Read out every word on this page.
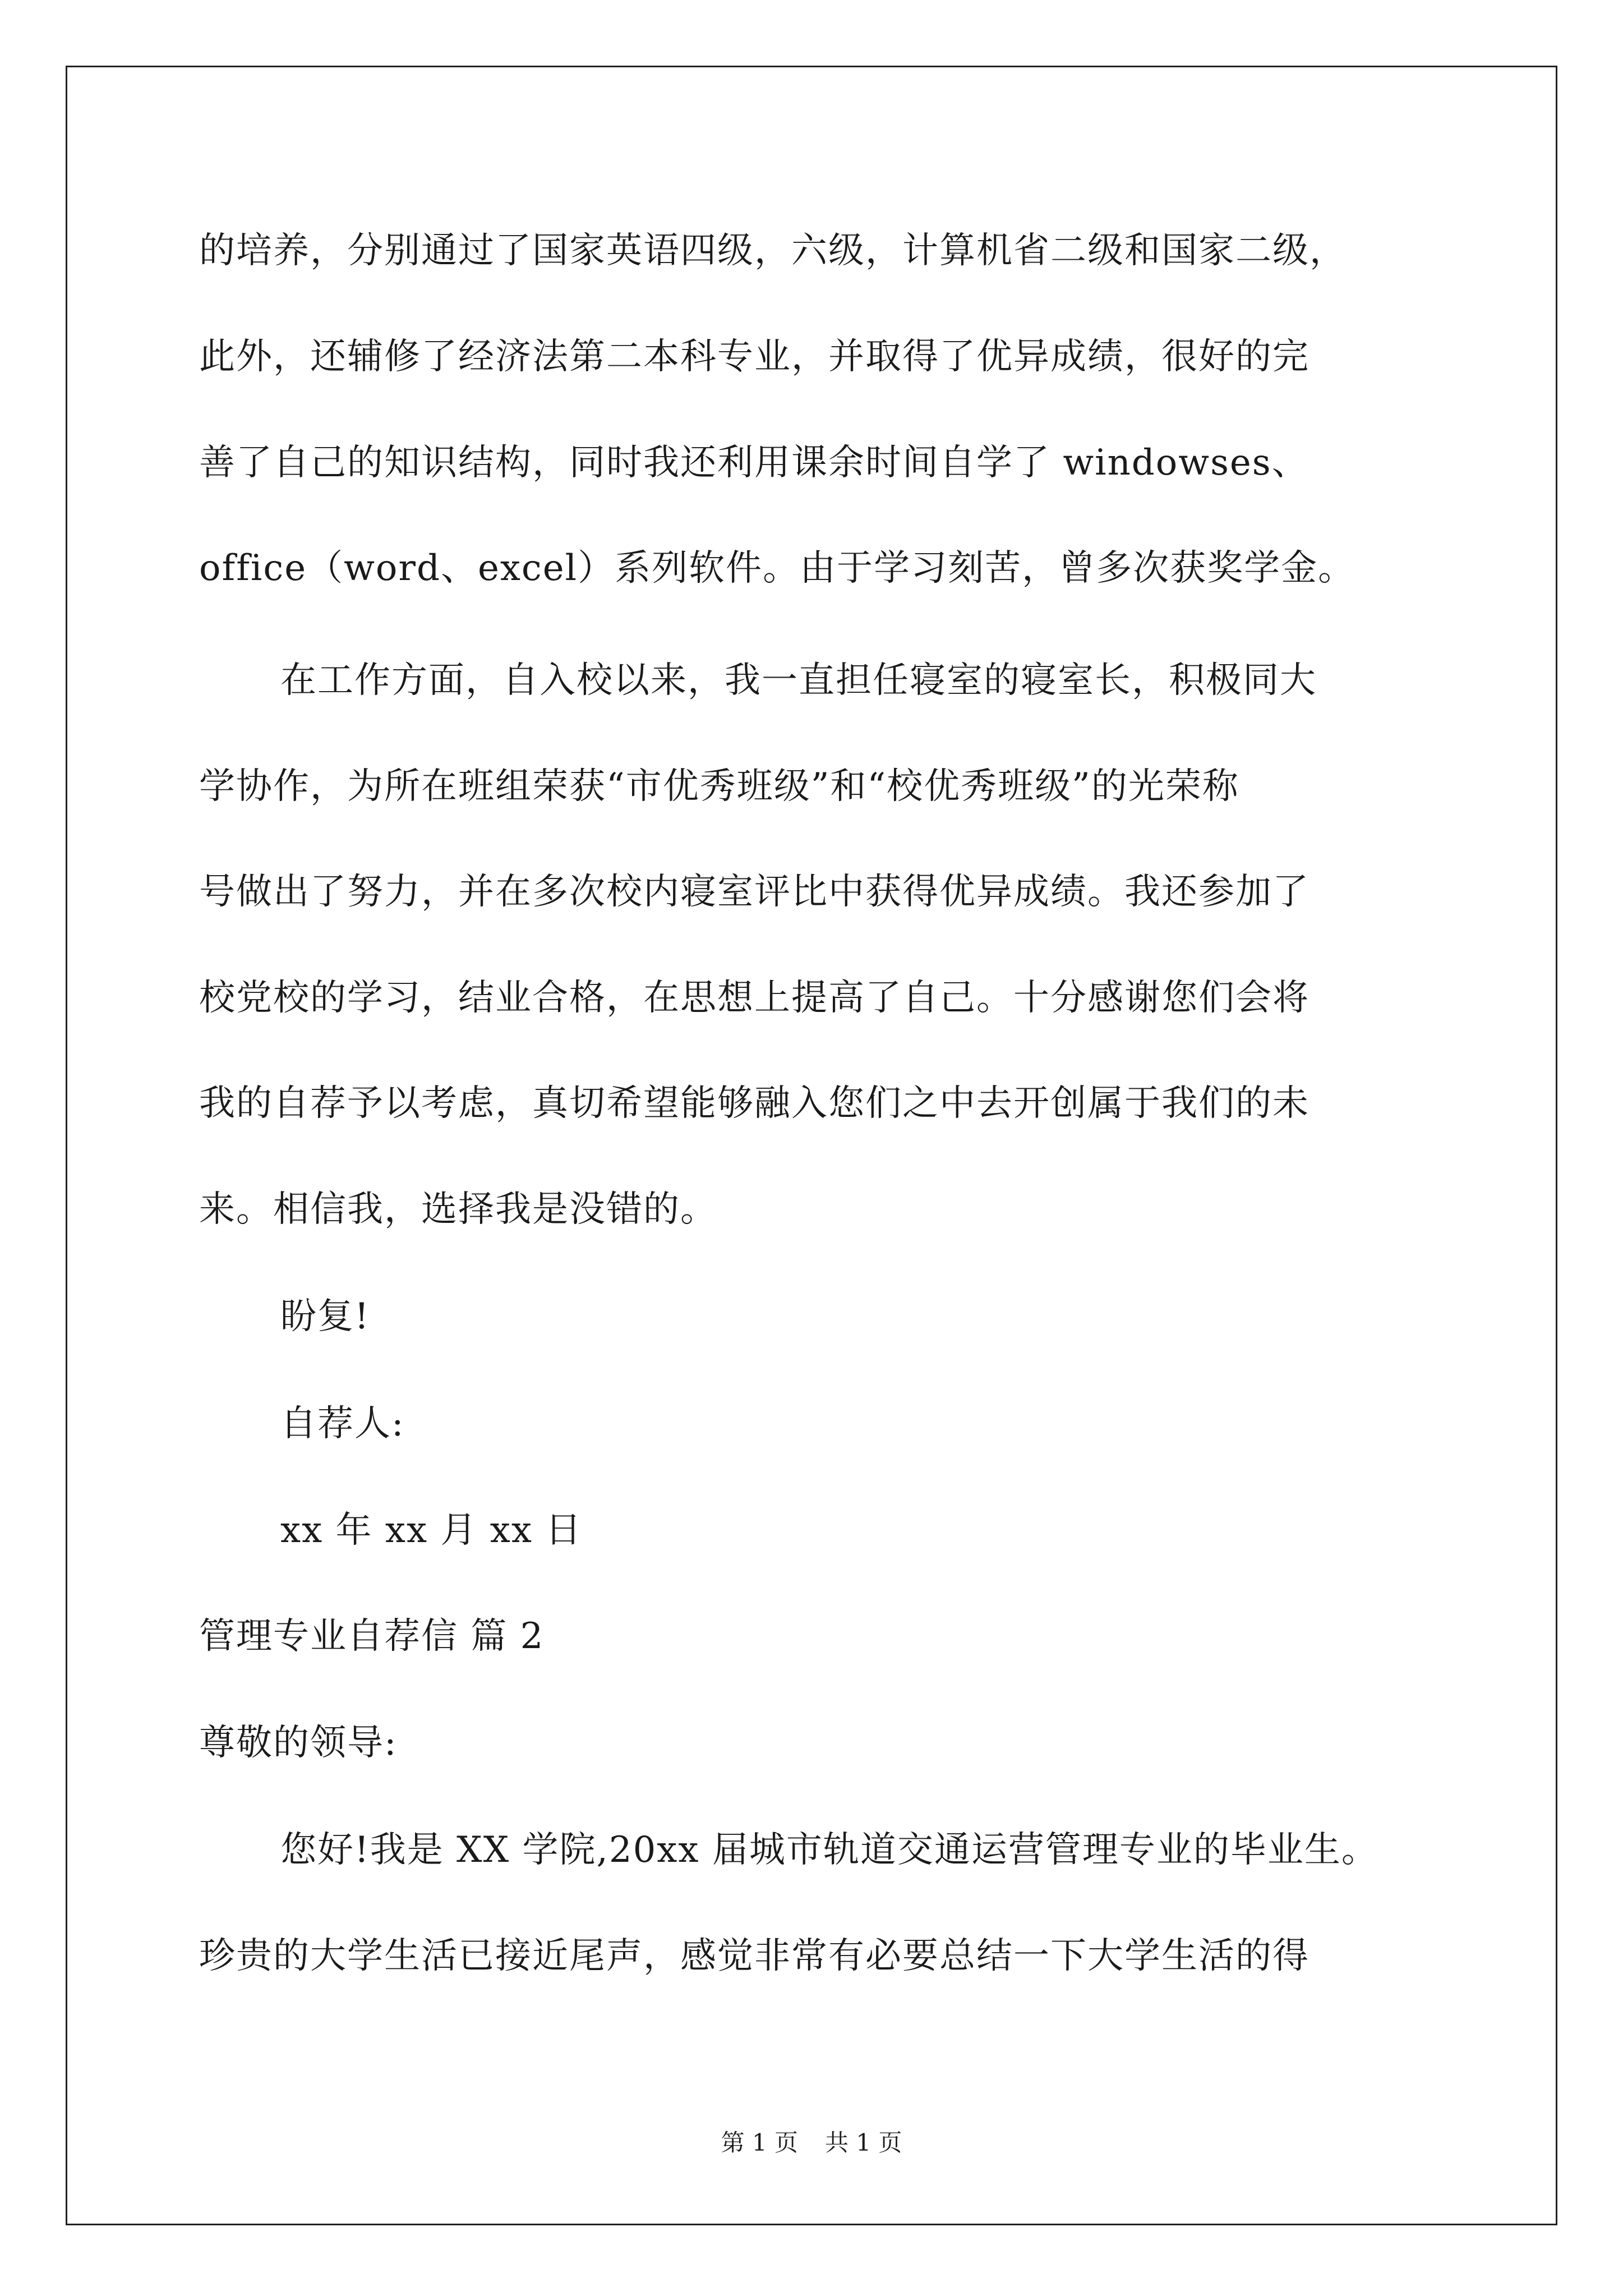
的培养，分别通过了国家英语四级，六级，计算机省二级和国家二级，
此外，还辅修了经济法第二本科专业，并取得了优异成绩，很好的完
善了自己的知识结构，同时我还利用课余时间自学了 windowses、
office（word、excel）系列软件。由于学习刻苦，曾多次获奖学金。
在工作方面，自入校以来，我一直担任寝室的寝室长，积极同大
学协作，为所在班组荣获“市优秀班级”和“校优秀班级”的光荣称
号做出了努力，并在多次校内寝室评比中获得优异成绩。我还参加了
校党校的学习，结业合格，在思想上提高了自己。十分感谢您们会将
我的自荐予以考虑，真切希望能够融入您们之中去开创属于我们的未
来。相信我，选择我是没错的。
盼复!
自荐人:
xx 年 xx 月 xx 日
管理专业自荐信 篇 2
尊敬的领导:
您好!我是 XX 学院,20xx 届城市轨道交通运营管理专业的毕业生。
珍贵的大学生活已接近尾声，感觉非常有必要总结一下大学生活的得
第 1 页 共 1 页
